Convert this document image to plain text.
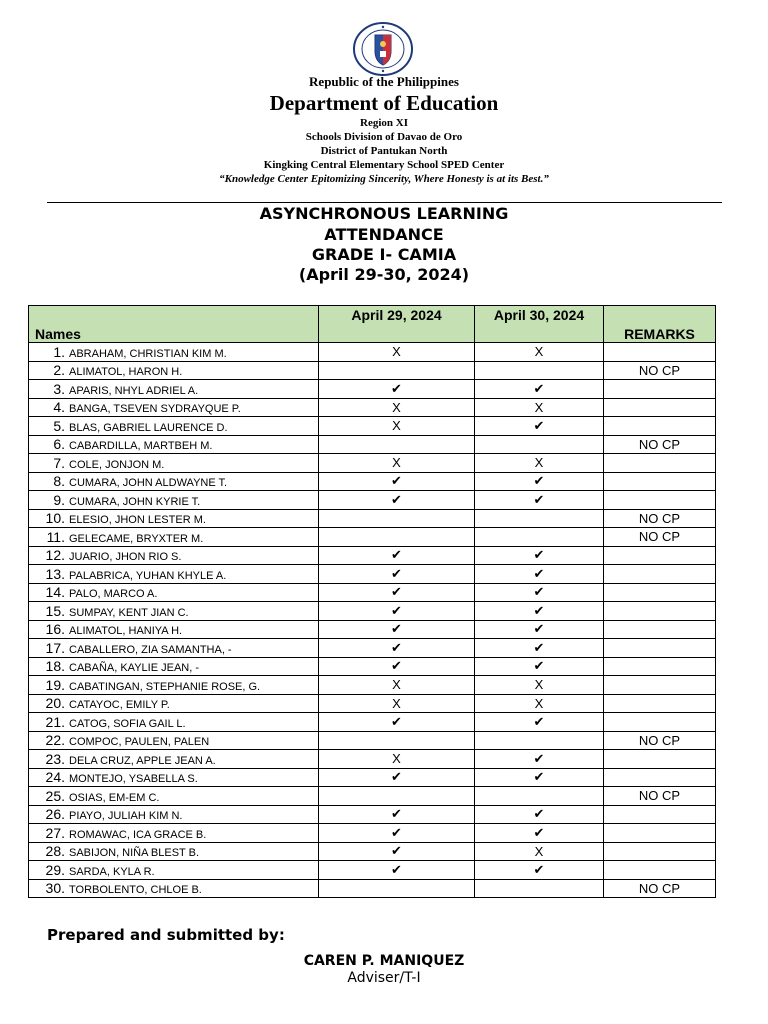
Republic of the Philippines
Department of Education
Region XI
Schools Division of Davao de Oro
District of Pantukan North
Kingking Central Elementary School SPED Center
“Knowledge Center Epitomizing Sincerity, Where Honesty is at its Best.”
ASYNCHRONOUS LEARNING
ATTENDANCE
GRADE I- CAMIA
(April 29-30, 2024)
Names	April 29, 2024	April 30, 2024	REMARKS
1. ABRAHAM, CHRISTIAN KIM M.	X	X	
2. ALIMATOL, HARON H.			NO CP
3. APARIS, NHYL ADRIEL A.	✔	✔	
4. BANGA, TSEVEN SYDRAYQUE P.	X	X	
5. BLAS, GABRIEL LAURENCE D.	X	✔	
6. CABARDILLA, MARTBEH M.			NO CP
7. COLE, JONJON M.	X	X	
8. CUMARA, JOHN ALDWAYNE T.	✔	✔	
9. CUMARA, JOHN KYRIE T.	✔	✔	
10. ELESIO, JHON LESTER M.			NO CP
11. GELECAME, BRYXTER M.			NO CP
12. JUARIO, JHON RIO S.	✔	✔	
13. PALABRICA, YUHAN KHYLE A.	✔	✔	
14. PALO, MARCO A.	✔	✔	
15. SUMPAY, KENT JIAN C.	✔	✔	
16. ALIMATOL, HANIYA H.	✔	✔	
17. CABALLERO, ZIA SAMANTHA, -	✔	✔	
18. CABAÑA, KAYLIE JEAN, -	✔	✔	
19. CABATINGAN, STEPHANIE ROSE, G.	X	X	
20. CATAYOC, EMILY P.	X	X	
21. CATOG, SOFIA GAIL L.	✔	✔	
22. COMPOC, PAULEN, PALEN			NO CP
23. DELA CRUZ, APPLE JEAN A.	X	✔	
24. MONTEJO, YSABELLA S.	✔	✔	
25. OSIAS, EM-EM C.			NO CP
26. PIAYO, JULIAH KIM N.	✔	✔	
27. ROMAWAC, ICA GRACE B.	✔	✔	
28. SABIJON, NIÑA BLEST B.	✔	X	
29. SARDA, KYLA R.	✔	✔	
30. TORBOLENTO, CHLOE B.			NO CP
Prepared and submitted by:
CAREN P. MANIQUEZ
Adviser/T-I
